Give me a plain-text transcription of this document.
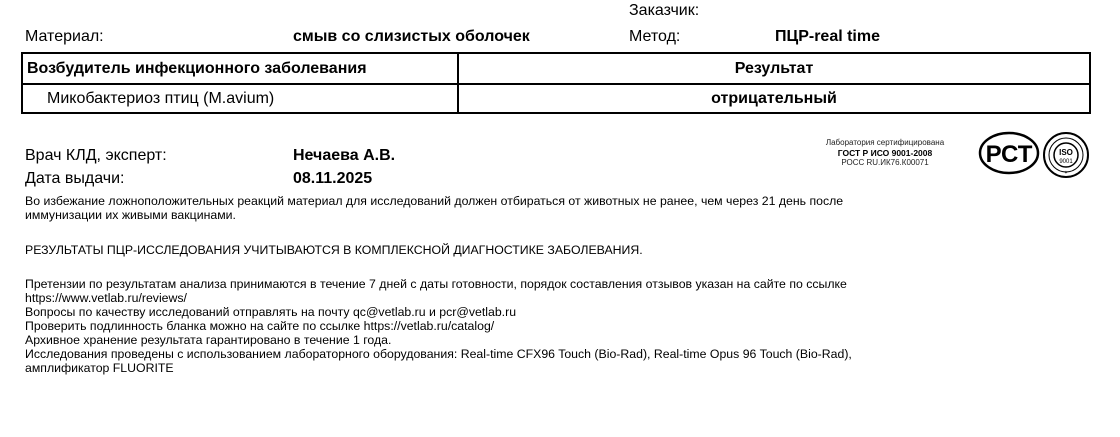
Заказчик:
Материал:	смыв со слизистых оболочек	Метод:	ПЦР-real time
Возбудитель инфекционного заболевания	Результат
Микобактериоз птиц (M.avium)	отрицательный
Врач КЛД, эксперт:	Нечаева А.В.
Дата выдачи:	08.11.2025
Лаборатория сертифицирована
ГОСТ Р ИСО 9001-2008
РОСС RU.ИК76.К00071	РСТ	ISO
9001
✦
Во избежание ложноположительных реакций материал для исследований должен отбираться от животных не ранее, чем через 21 день после
иммунизации их живыми вакцинами.
РЕЗУЛЬТАТЫ ПЦР-ИССЛЕДОВАНИЯ УЧИТЫВАЮТСЯ В КОМПЛЕКСНОЙ ДИАГНОСТИКЕ ЗАБОЛЕВАНИЯ.
Претензии по результатам анализа принимаются в течение 7 дней с даты готовности, порядок составления отзывов указан на сайте по ссылке
https://www.vetlab.ru/reviews/
Вопросы по качеству исследований отправлять на почту qc@vetlab.ru и pcr@vetlab.ru
Проверить подлинность бланка можно на сайте по ссылке https://vetlab.ru/catalog/
Архивное хранение результата гарантировано в течение 1 года.
Исследования проведены с использованием лабораторного оборудования: Real-time CFX96 Touch (Bio-Rad), Real-time Opus 96 Touch (Bio-Rad),
амплификатор FLUORITE
